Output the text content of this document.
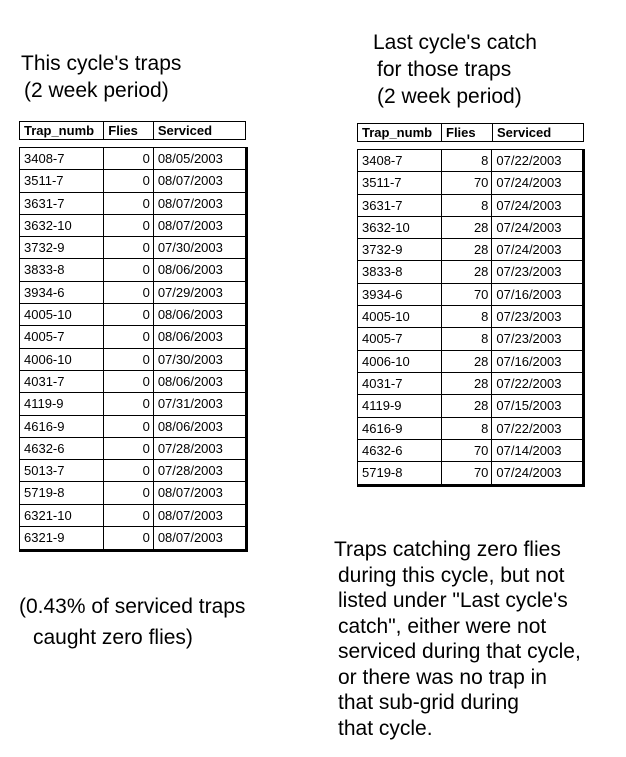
This cycle's traps
(2 week period)
Last cycle's catch
for those traps
(2 week period)
Trap_numb	Flies	Serviced
3408-7	0 08/05/2003
3511-7	0 08/07/2003
3631-7	0 08/07/2003
3632-10	0 08/07/2003
3732-9	0 07/30/2003
3833-8	0 08/06/2003
3934-6	0 07/29/2003
4005-10	0 08/06/2003
4005-7	0 08/06/2003
4006-10	0 07/30/2003
4031-7	0 08/06/2003
4119-9	0 07/31/2003
4616-9	0 08/06/2003
4632-6	0 07/28/2003
5013-7	0 07/28/2003
5719-8	0 08/07/2003
6321-10	0 08/07/2003
6321-9	0 08/07/2003
Trap_numb	Flies	Serviced
3408-7	8 07/22/2003
3511-7	70 07/24/2003
3631-7	8 07/24/2003
3632-10	28 07/24/2003
3732-9	28 07/24/2003
3833-8	28 07/23/2003
3934-6	70 07/16/2003
4005-10	8 07/23/2003
4005-7	8 07/23/2003
4006-10	28 07/16/2003
4031-7	28 07/22/2003
4119-9	28 07/15/2003
4616-9	8 07/22/2003
4632-6	70 07/14/2003
5719-8	70 07/24/2003
(0.43% of serviced traps
caught zero flies)
Traps catching zero flies
during this cycle, but not
listed under "Last cycle's
catch", either were not
serviced during that cycle,
or there was no trap in
that sub-grid during
that cycle.
